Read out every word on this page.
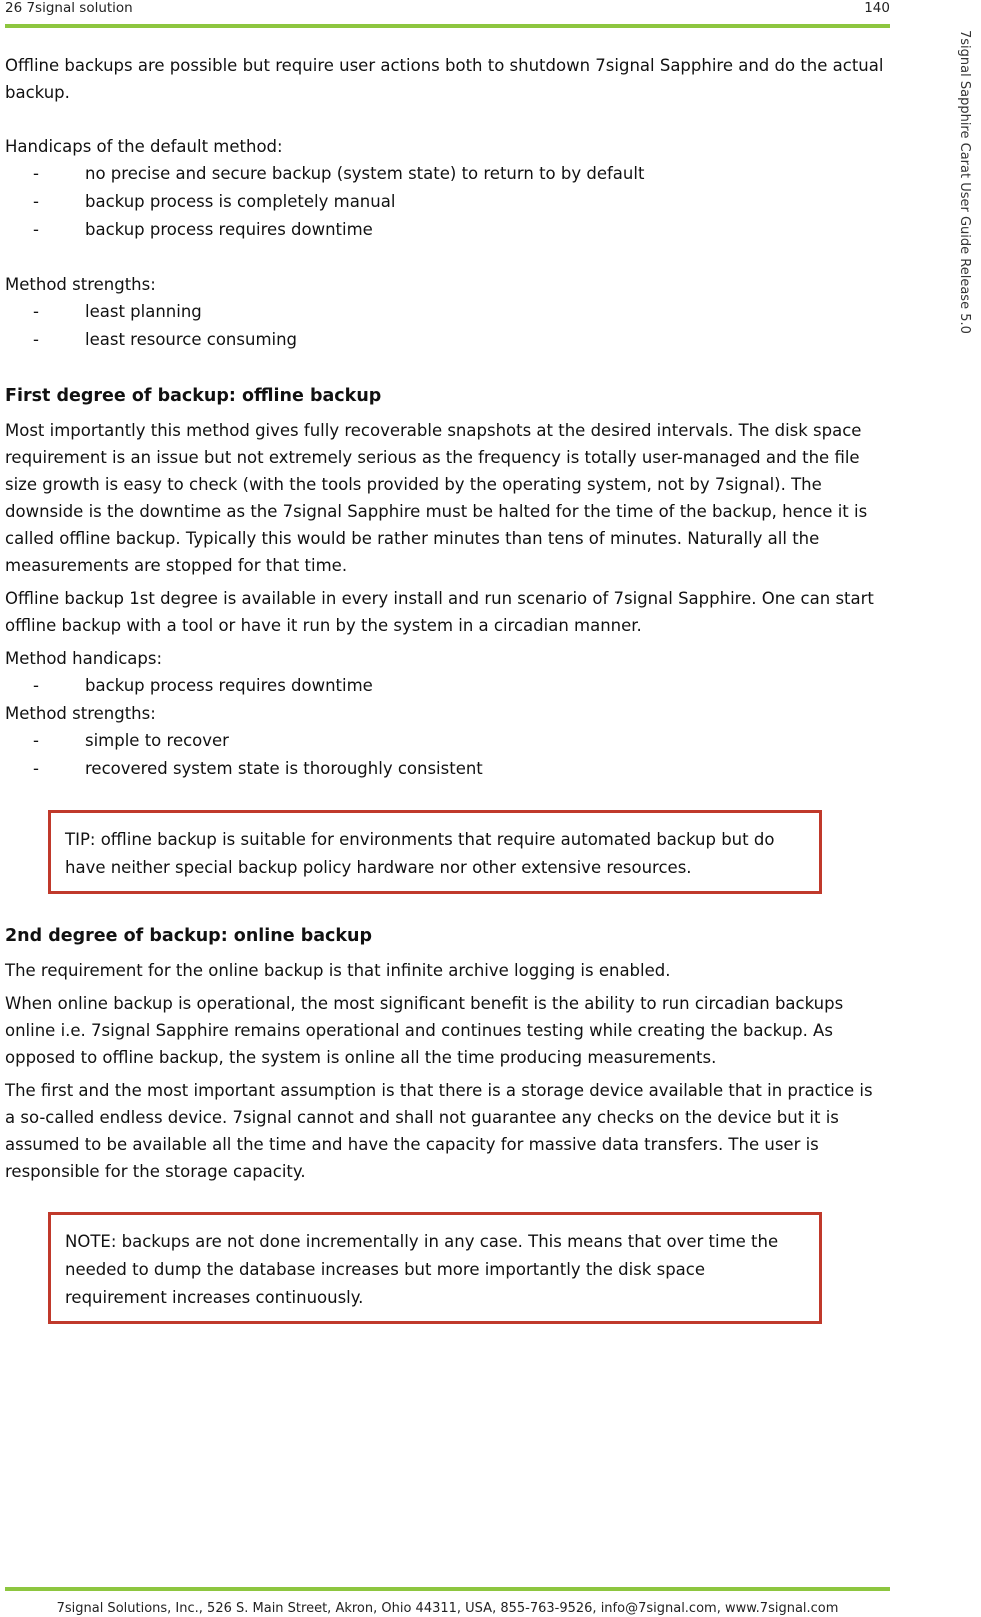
26 7signal solution	140
7signal Sapphire Carat User Guide Release 5.0

Offline backups are possible but require user actions both to shutdown 7signal Sapphire and do the actual backup.

Handicaps of the default method:

-	no precise and secure backup (system state) to return to by default
-	backup process is completely manual
-	backup process requires downtime

Method strengths:

-	least planning
-	least resource consuming
First degree of backup: offline backup

Most importantly this method gives fully recoverable snapshots at the desired intervals. The disk space requirement is an issue but not extremely serious as the frequency is totally user-managed and the file size growth is easy to check (with the tools provided by the operating system, not by 7signal). The downside is the downtime as the 7signal Sapphire must be halted for the time of the backup, hence it is called offline backup. Typically this would be rather minutes than tens of minutes. Naturally all the measurements are stopped for that time.

Offline backup 1st degree is available in every install and run scenario of 7signal Sapphire. One can start offline backup with a tool or have it run by the system in a circadian manner.

Method handicaps:

-	backup process requires downtime

Method strengths:

-	simple to recover
-	recovered system state is thoroughly consistent
TIP: offline backup is suitable for environments that require automated backup but do have neither special backup policy hardware nor other extensive resources.
2nd degree of backup: online backup

The requirement for the online backup is that infinite archive logging is enabled.

When online backup is operational, the most significant benefit is the ability to run circadian backups online i.e. 7signal Sapphire remains operational and continues testing while creating the backup. As opposed to offline backup, the system is online all the time producing measurements.

The first and the most important assumption is that there is a storage device available that in practice is a so-called endless device. 7signal cannot and shall not guarantee any checks on the device but it is assumed to be available all the time and have the capacity for massive data transfers. The user is responsible for the storage capacity.

NOTE: backups are not done incrementally in any case. This means that over time the needed to dump the database increases but more importantly the disk space requirement increases continuously.
7signal Solutions, Inc., 526 S. Main Street, Akron, Ohio 44311, USA, 855-763-9526, info@7signal.com, www.7signal.com
